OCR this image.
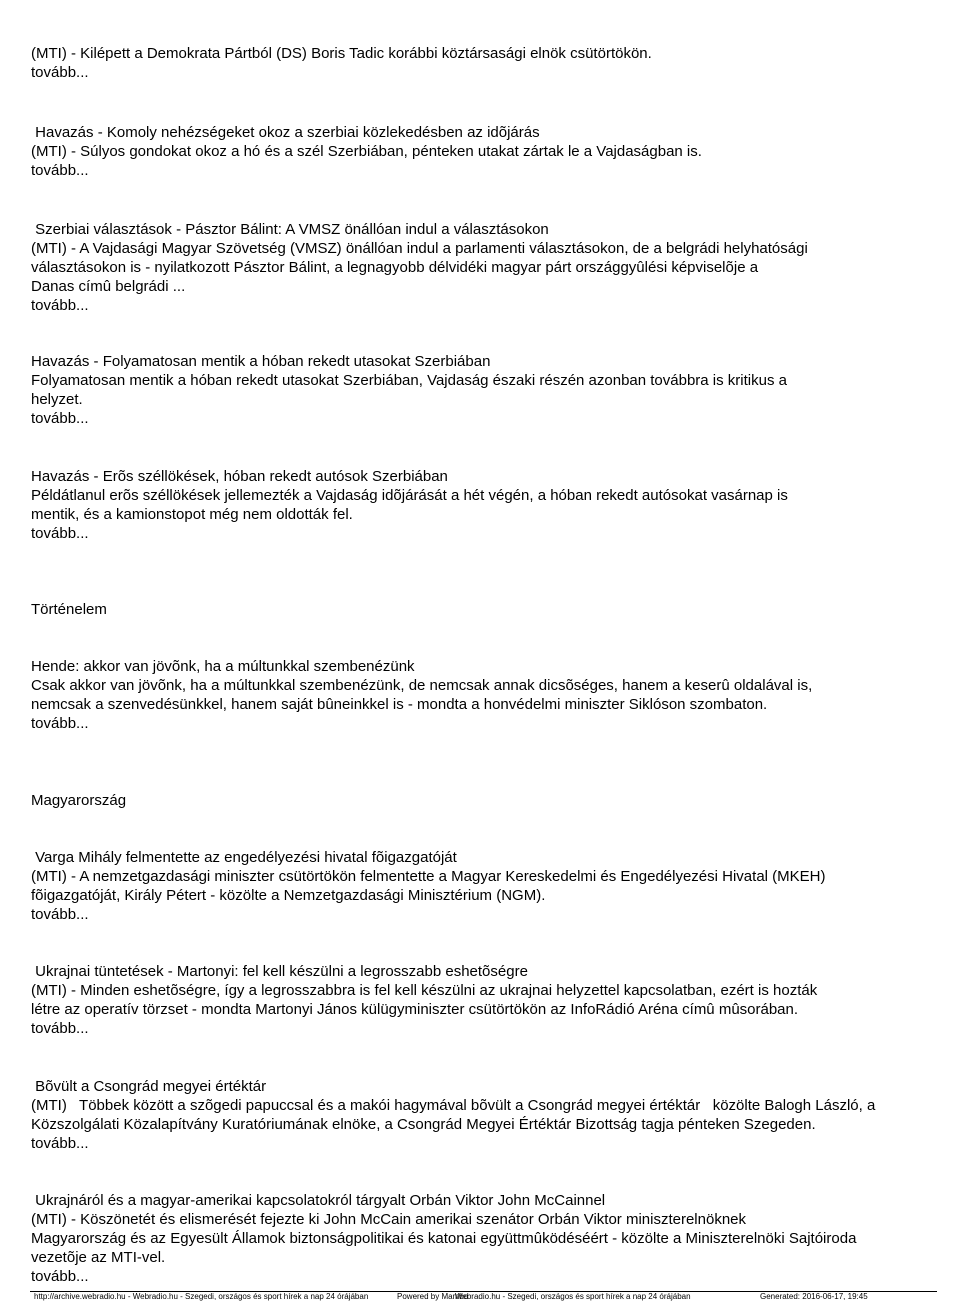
(MTI) - Kilépett a Demokrata Pártból (DS) Boris Tadic korábbi köztársasági elnök csütörtökön.
tovább...
Havazás - Komoly nehézségeket okoz a szerbiai közlekedésben az idõjárás
(MTI) - Súlyos gondokat okoz a hó és a szél Szerbiában, pénteken utakat zártak le a Vajdaságban is.
tovább...
Szerbiai választások - Pásztor Bálint: A VMSZ önállóan indul a választásokon
(MTI) - A Vajdasági Magyar Szövetség (VMSZ) önállóan indul a parlamenti választásokon, de a belgrádi helyhatósági
választásokon is - nyilatkozott Pásztor Bálint, a legnagyobb délvidéki magyar párt országgyûlési képviselõje a
Danas címû belgrádi ...
tovább...
Havazás - Folyamatosan mentik a hóban rekedt utasokat Szerbiában
Folyamatosan mentik a hóban rekedt utasokat Szerbiában, Vajdaság északi részén azonban továbbra is kritikus a
helyzet.
tovább...
Havazás - Erõs széllökések, hóban rekedt autósok Szerbiában
Példátlanul erõs széllökések jellemezték a Vajdaság idõjárását a hét végén, a hóban rekedt autósokat vasárnap is
mentik, és a kamionstopot még nem oldották fel.
tovább...
Történelem
Hende: akkor van jövõnk, ha a múltunkkal szembenézünk
Csak akkor van jövõnk, ha a múltunkkal szembenézünk, de nemcsak annak dicsõséges, hanem a keserû oldalával is,
nemcsak a szenvedésünkkel, hanem saját bûneinkkel is - mondta a honvédelmi miniszter Siklóson szombaton.
tovább...
Magyarország
Varga Mihály felmentette az engedélyezési hivatal fõigazgatóját
(MTI) - A nemzetgazdasági miniszter csütörtökön felmentette a Magyar Kereskedelmi és Engedélyezési Hivatal (MKEH)
fõigazgatóját, Király Pétert - közölte a Nemzetgazdasági Minisztérium (NGM).
tovább...
Ukrajnai tüntetések - Martonyi: fel kell készülni a legrosszabb eshetõségre
(MTI) - Minden eshetõségre, így a legrosszabbra is fel kell készülni az ukrajnai helyzettel kapcsolatban, ezért is hozták
létre az operatív törzset - mondta Martonyi János külügyminiszter csütörtökön az InfoRádió Aréna címû mûsorában.
tovább...
Bõvült a Csongrád megyei értéktár
(MTI)   Többek között a szõgedi papuccsal és a makói hagymával bõvült a Csongrád megyei értéktár   közölte Balogh László, a
Közszolgálati Közalapítvány Kuratóriumának elnöke, a Csongrád Megyei Értéktár Bizottság tagja pénteken Szegeden.
tovább...
Ukrajnáról és a magyar-amerikai kapcsolatokról tárgyalt Orbán Viktor John McCainnel
(MTI) - Köszönetét és elismerését fejezte ki John McCain amerikai szenátor Orbán Viktor miniszterelnöknek
Magyarország és az Egyesült Államok biztonságpolitikai és katonai együttmûködéséért - közölte a Miniszterelnöki Sajtóiroda
vezetõje az MTI-vel.
tovább...
http://archive.webradio.hu - Webradio.hu - Szegedi, országos és sport hírek a nap 24 órájában	Powered by MamboWebradio.hu - Szegedi, országos és sport hírek a nap 24 órájában	Generated: 2016-06-17, 19:45
